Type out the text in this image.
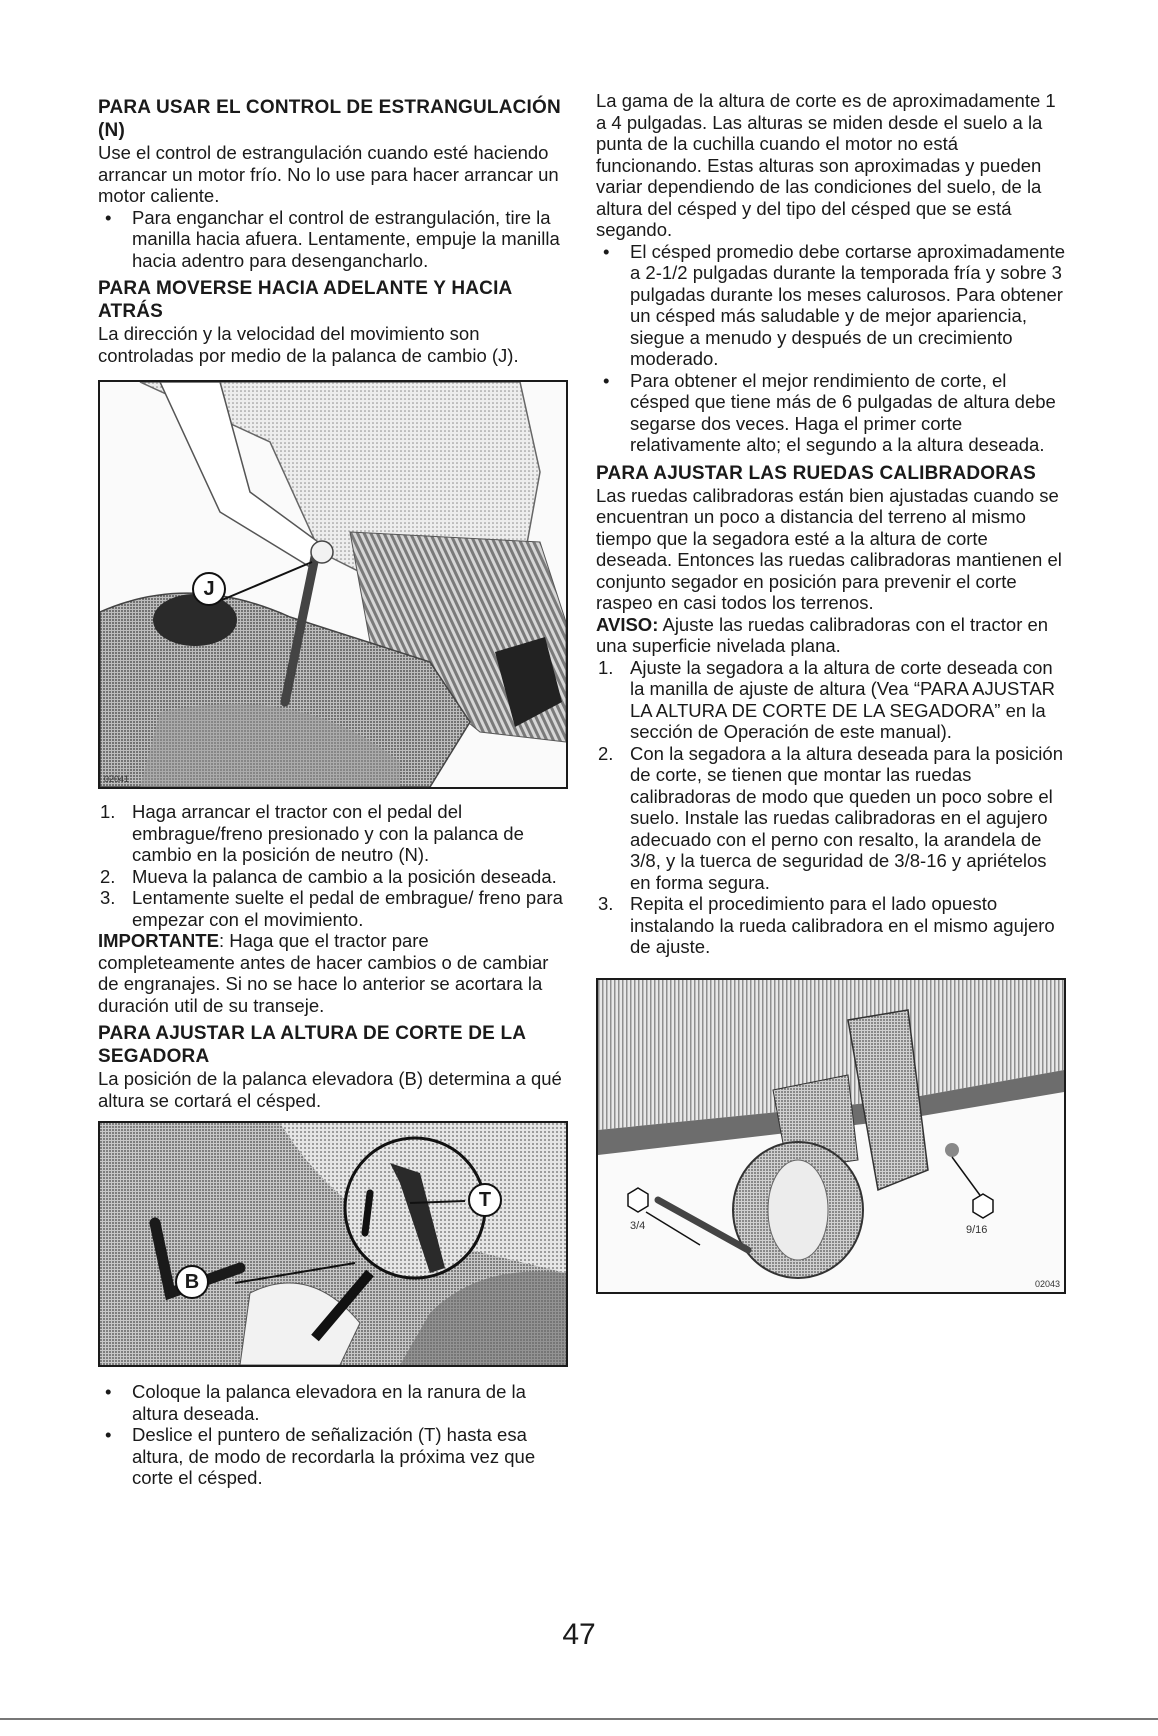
PARA USAR EL CONTROL DE ESTRANGULACIÓN (N)

Use el control de estrangulación cuando esté haciendo arrancar un motor frío. No lo use para hacer arrancar un motor caliente.

• Para enganchar el control de estrangulación, tire la manilla hacia afuera. Lentamente, empuje la manilla hacia adentro para desengancharlo.
PARA MOVERSE HACIA ADELANTE Y HACIA ATRÁS

La dirección y la velocidad del movimiento son controladas por medio de la palanca de cambio (J).

J
02041
1. Haga arrancar el tractor con el pedal del embrague/freno presionado y con la palanca de cambio en la posición de neutro (N).
2. Mueva la palanca de cambio a la posición deseada.
3. Lentamente suelte el pedal de embrague/ freno para empezar con el movimiento.

IMPORTANTE: Haga que el tractor pare completeamente antes de hacer cambios o de cambiar de engranajes. Si no se hace lo anterior se acortara la duración util de su transeje.

PARA AJUSTAR LA ALTURA DE CORTE DE LA SEGADORA

La posición de la palanca elevadora (B) determina a qué altura se cortará el césped.

B
T
• Coloque la palanca elevadora en la ranura de la altura deseada.
• Deslice el puntero de señalización (T) hasta esa altura, de modo de recordarla la próxima vez que corte el césped.

La gama de la altura de corte es de aproximadamente 1 a 4 pulgadas. Las alturas se miden desde el suelo a la punta de la cuchilla cuando el motor no está funcionando. Estas alturas son aproximadas y pueden variar dependiendo de las condiciones del suelo, de la altura del césped y del tipo del césped que se está segando.

• El césped promedio debe cortarse aproximadamente a 2-1/2 pulgadas durante la temporada fría y sobre 3 pulgadas durante los meses calurosos. Para obtener un césped más saludable y de mejor apariencia, siegue a menudo y después de un crecimiento moderado.
• Para obtener el mejor rendimiento de corte, el césped que tiene más de 6 pulgadas de altura debe segarse dos veces. Haga el primer corte relativamente alto; el segundo a la altura deseada.
PARA AJUSTAR LAS RUEDAS CALIBRADORAS

Las ruedas calibradoras están bien ajustadas cuando se encuentran un poco a distancia del terreno al mismo tiempo que la segadora esté a la altura de corte deseada. Entonces las ruedas calibradoras mantienen el conjunto segador en posición para prevenir el corte raspeo en casi todos los terrenos.

AVISO: Ajuste las ruedas calibradoras con el tractor en una superficie nivelada plana.

1. Ajuste la segadora a la altura de corte deseada con la manilla de ajuste de altura (Vea “PARA AJUSTAR LA ALTURA DE CORTE DE LA SEGADORA” en la sección de Operación de este manual).
2. Con la segadora a la altura deseada para la posición de corte, se tienen que montar las ruedas calibradoras de modo que queden un poco sobre el suelo. Instale las ruedas calibradoras en el agujero adecuado con el perno con resalto, la arandela de 3/8, y la tuerca de seguridad de 3/8-16 y apriételos en forma segura.
3. Repita el procedimiento para el lado opuesto instalando la rueda calibradora en el mismo agujero de ajuste.
9/16
3/4
02043
47
